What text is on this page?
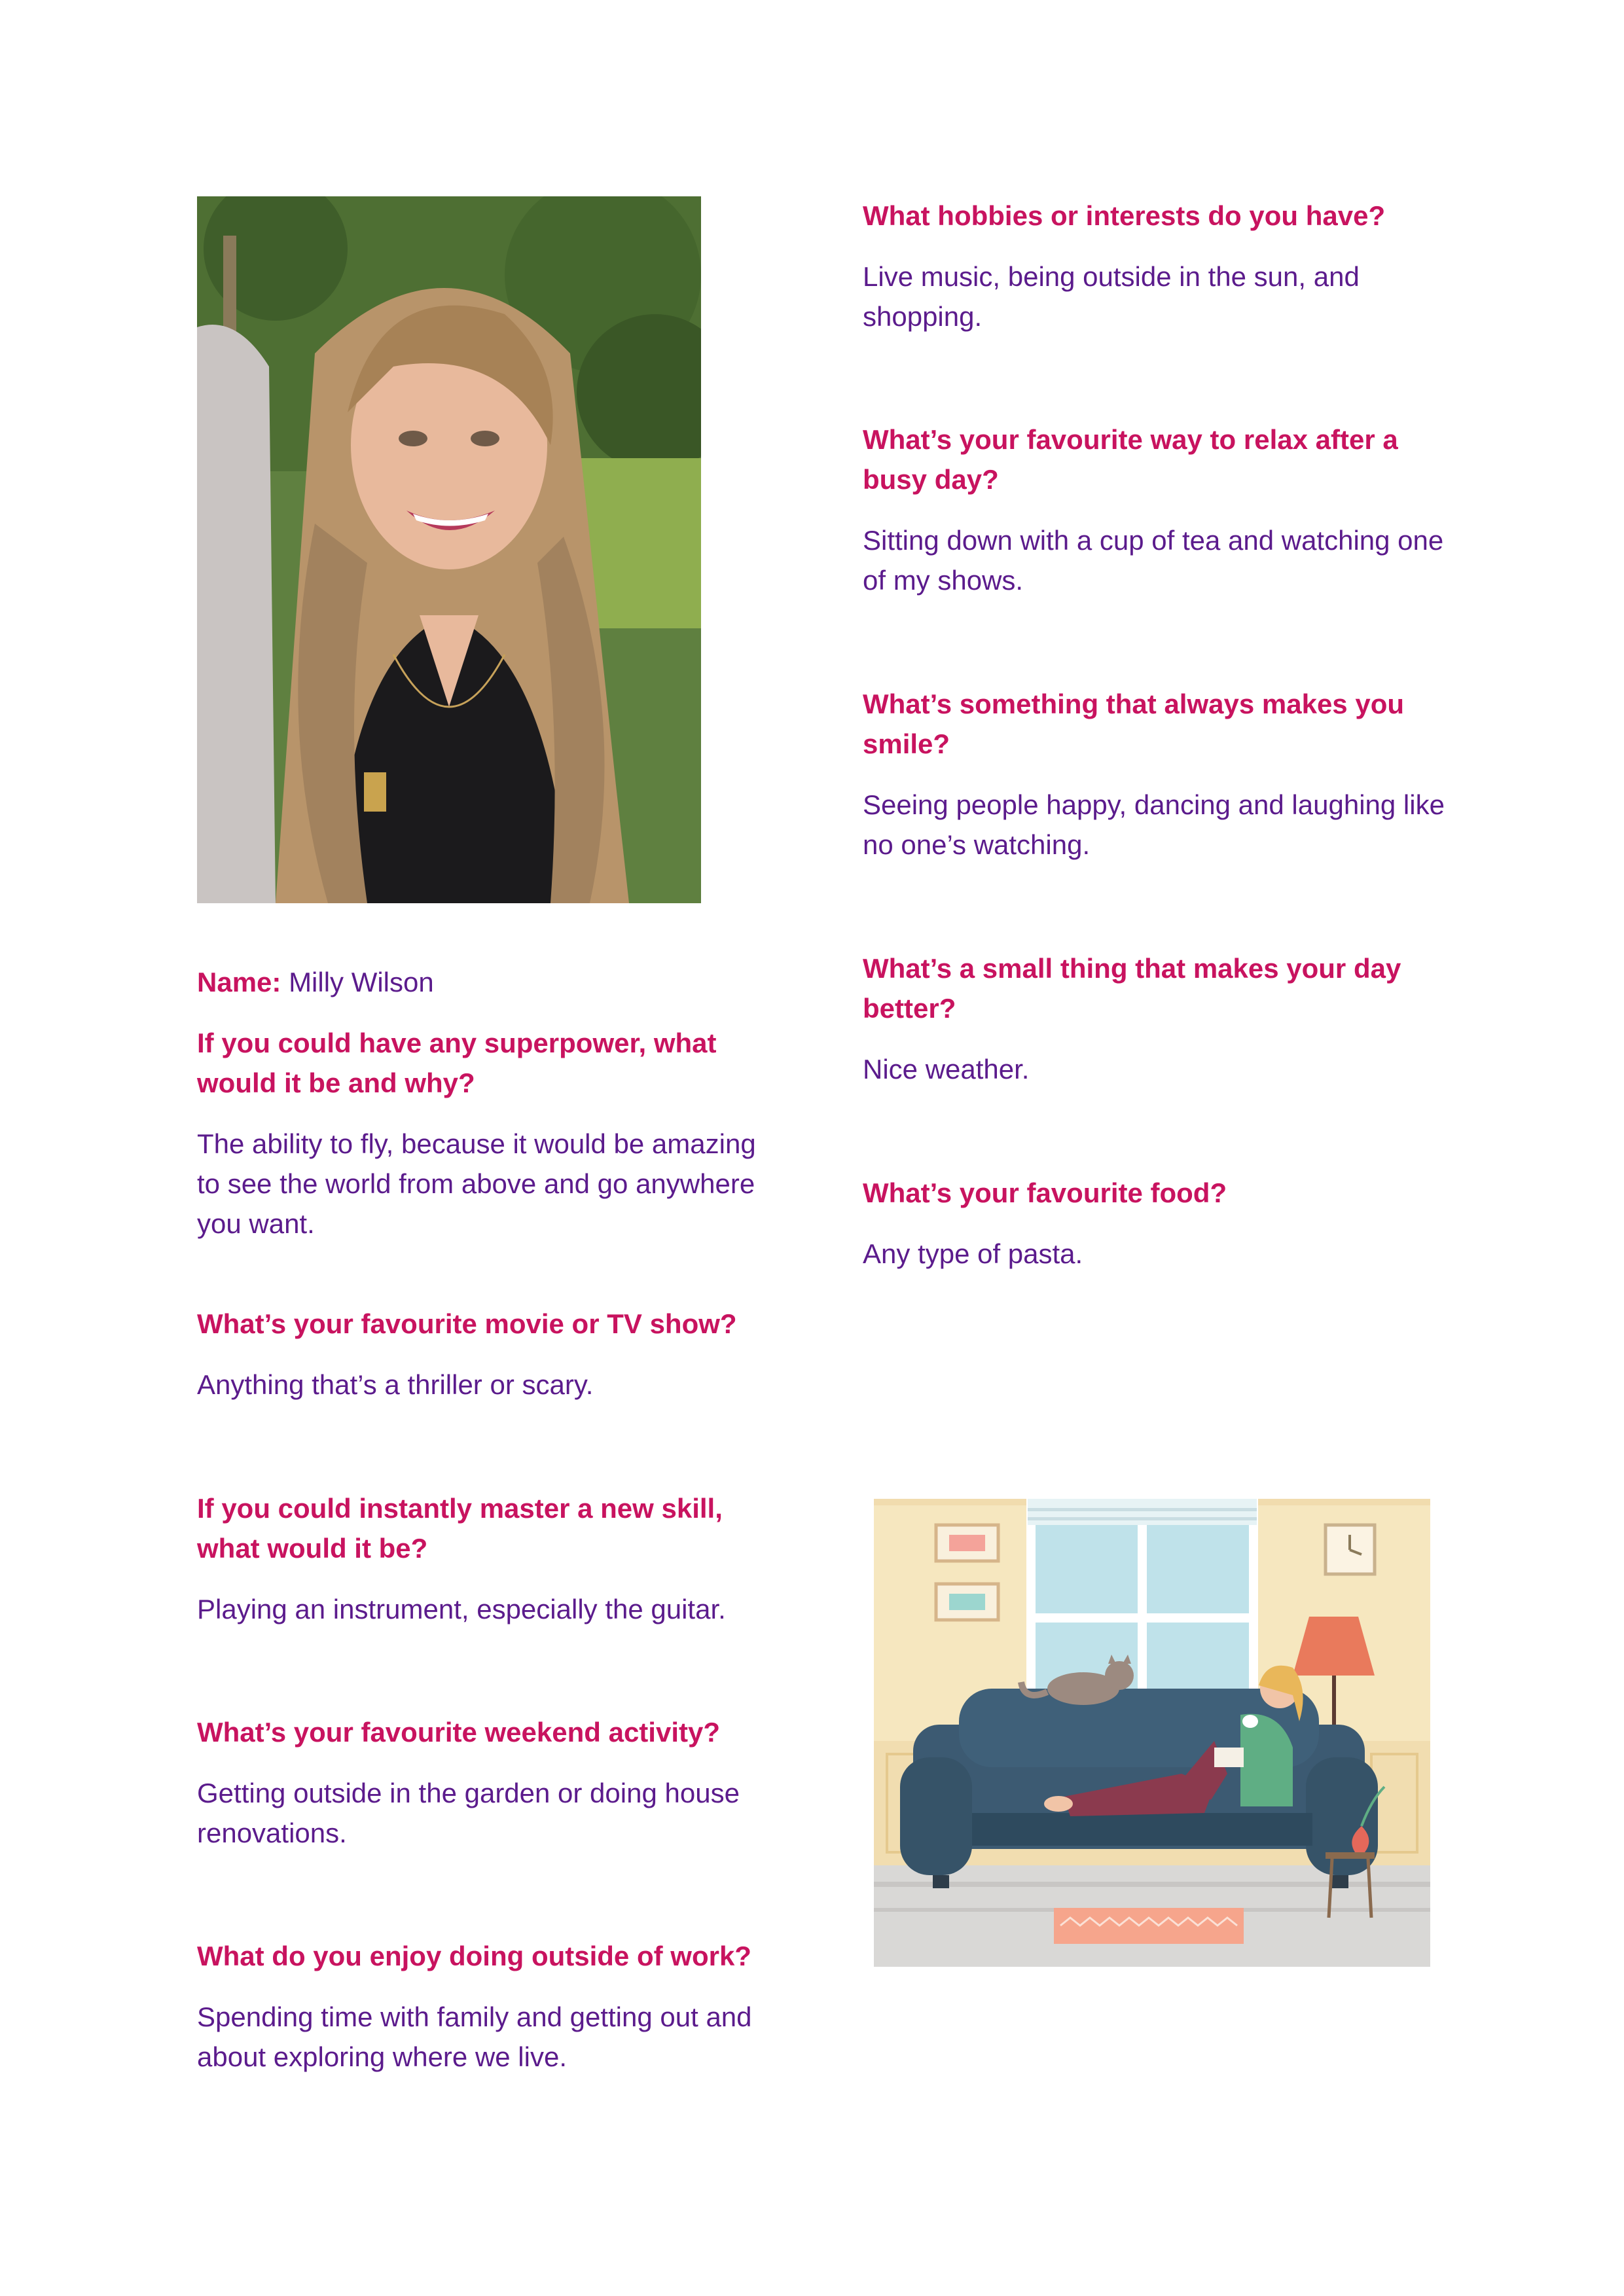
Name: Milly Wilson

If you could have any superpower, what would it be and why?

The ability to fly, because it would be amazing to see the world from above and go anywhere you want.

What’s your favourite movie or TV show?

Anything that’s a thriller or scary.

If you could instantly master a new skill, what would it be?

Playing an instrument, especially the guitar.

What’s your favourite weekend activity?

Getting outside in the garden or doing house renovations.

What do you enjoy doing outside of work?

Spending time with family and getting out and about exploring where we live.

What hobbies or interests do you have?

Live music, being outside in the sun, and shopping.

What’s your favourite way to relax after a busy day?

Sitting down with a cup of tea and watching one of my shows.

What’s something that always makes you smile?

Seeing people happy, dancing and laughing like no one’s watching.

What’s a small thing that makes your day better?

Nice weather.

What’s your favourite food?

Any type of pasta.
